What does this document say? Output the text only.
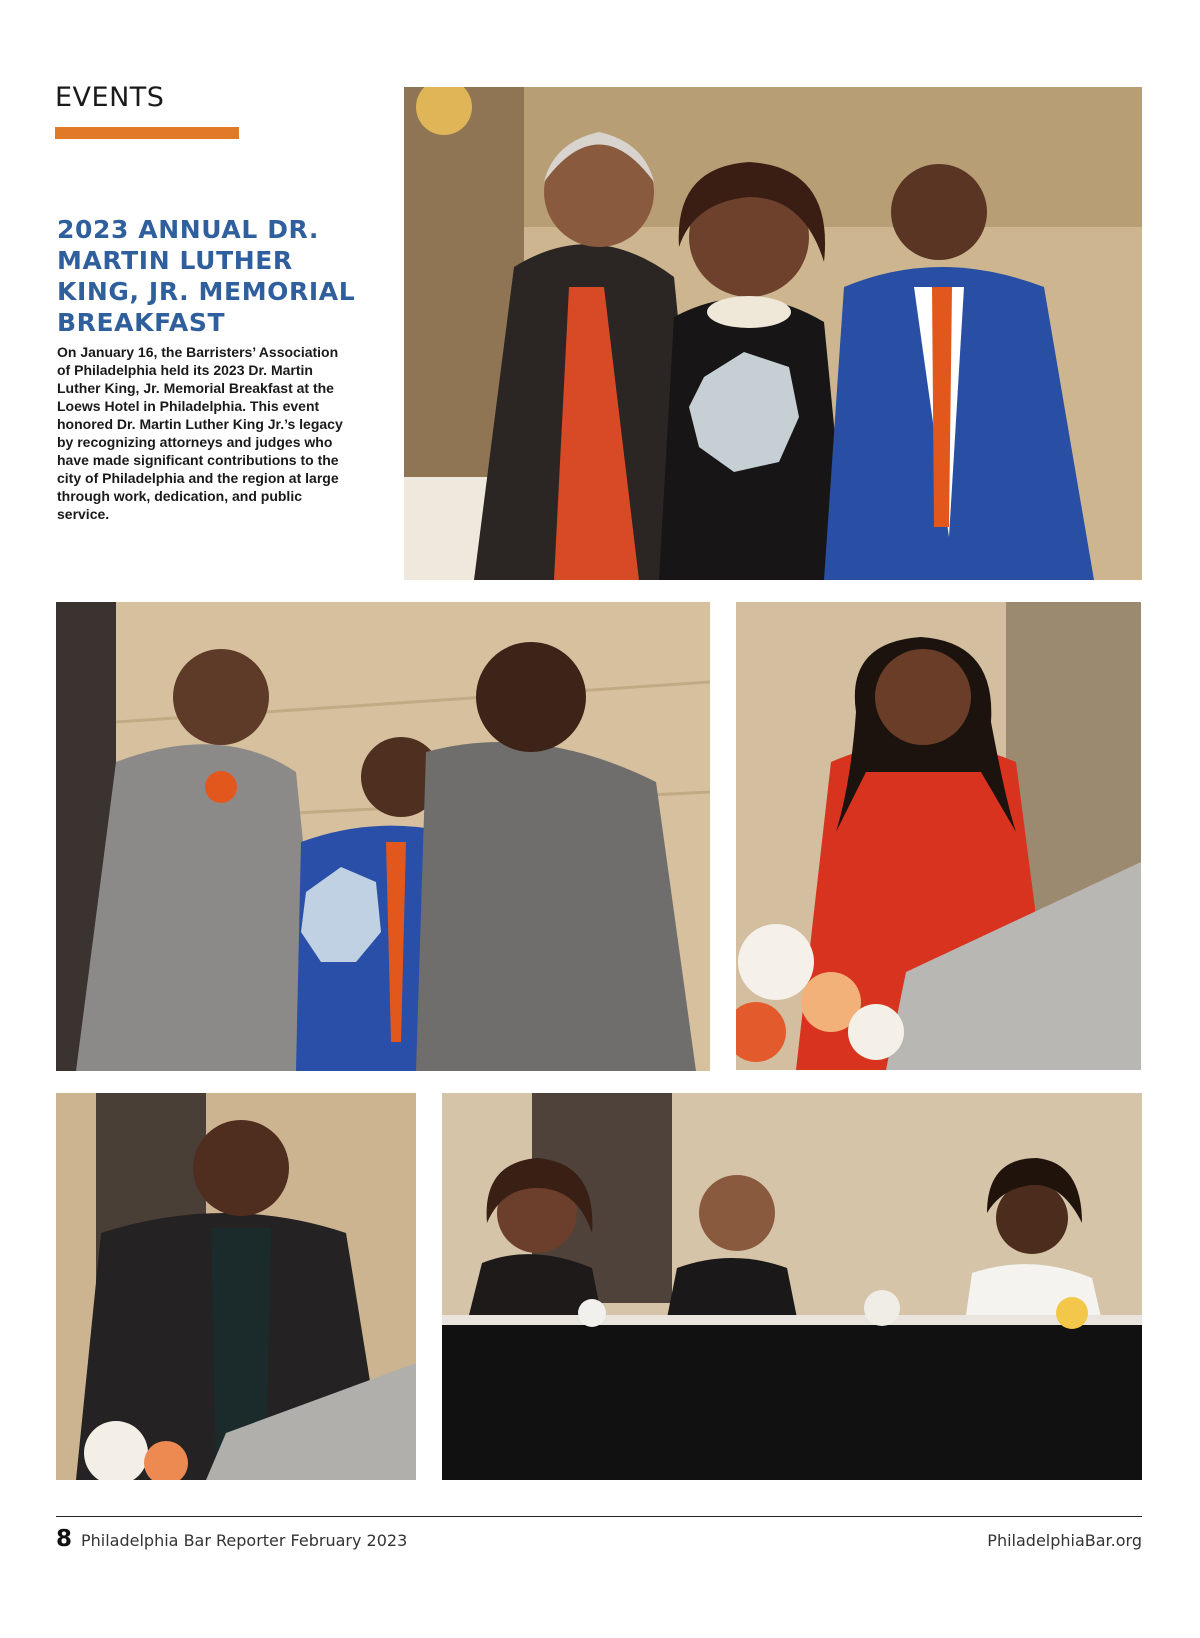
EVENTS
2023 ANNUAL DR. MARTIN LUTHER KING, JR. MEMORIAL BREAKFAST

On January 16, the Barristers’ Association of Philadelphia held its 2023 Dr. Martin Luther King, Jr. Memorial Breakfast at the Loews Hotel in Philadelphia. This event honored Dr. Martin Luther King Jr.’s legacy by recognizing attorneys and judges who have made significant contributions to the city of Philadelphia and the region at large through work, dedication, and public service.

8 Philadelphia Bar Reporter February 2023	PhiladelphiaBar.org
